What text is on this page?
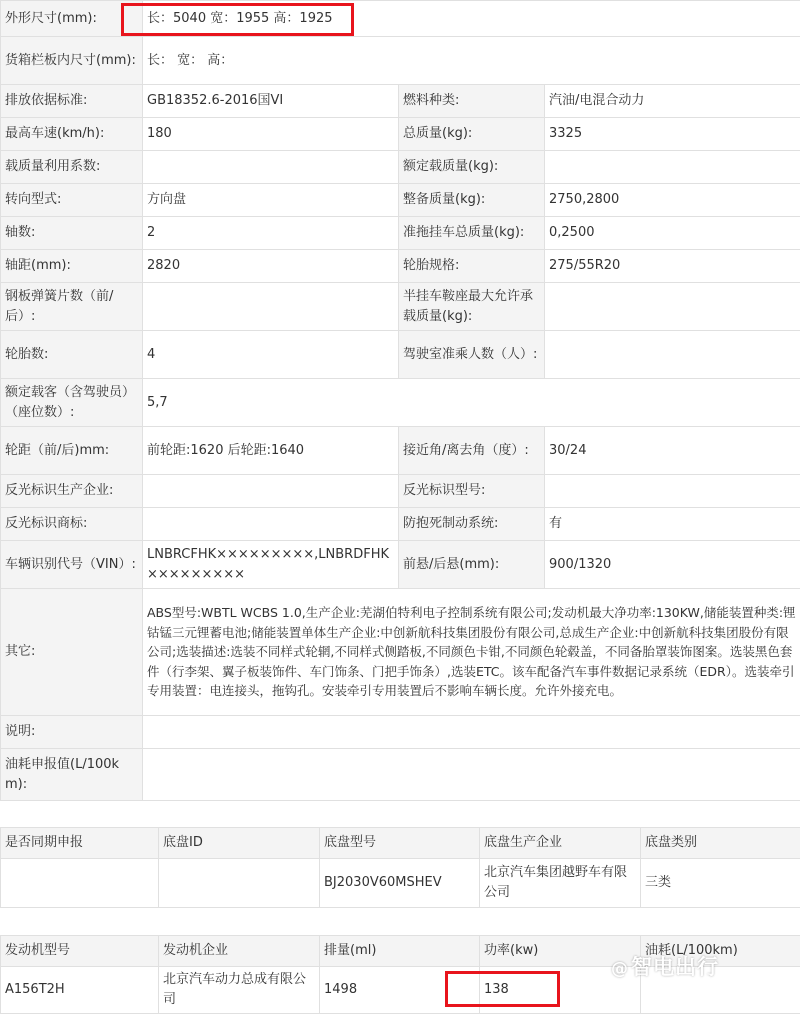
外形尺寸(mm):	长：5040 宽：1955 高：1925		
货箱栏板内尺寸(mm):	长： 宽： 高：		
排放依据标准:	GB18352.6-2016国VI	燃料种类:	汽油/电混合动力
最高车速(km/h):	180	总质量(kg):	3325
载质量利用系数:		额定载质量(kg):	
转向型式:	方向盘	整备质量(kg):	2750,2800
轴数:	2	准拖挂车总质量(kg):	0,2500
轴距(mm):	2820	轮胎规格:	275/55R20
钢板弹簧片数（前/后）:		半挂车鞍座最大允许承载质量(kg):	
轮胎数:	4	驾驶室准乘人数（人）:	
额定载客（含驾驶员）（座位数）:	5,7		
轮距（前/后)mm:	前轮距:1620 后轮距:1640	接近角/离去角（度）:	30/24
反光标识生产企业:		反光标识型号:	
反光标识商标:		防抱死制动系统:	有
车辆识别代号（VIN）:	LNBRCFHK×××××××××,LNBRDFHK×××××××××	前悬/后悬(mm):	900/1320
其它:	ABS型号:WBTL WCBS 1.0,生产企业:芜湖伯特利电子控制系统有限公司;发动机最大净功率:130KW,储能装置种类:锂钴锰三元锂蓄电池;储能装置单体生产企业:中创新航科技集团股份有限公司,总成生产企业:中创新航科技集团股份有限公司;选装描述:选装不同样式轮辋,不同样式侧踏板,不同颜色卡钳,不同颜色轮毂盖，不同备胎罩装饰图案。选装黑色套件（行李架、翼子板装饰件、车门饰条、门把手饰条）,选装ETC。该车配备汽车事件数据记录系统（EDR）。选装牵引专用装置：电连接头，拖钩孔。安装牵引专用装置后不影响车辆长度。允许外接充电。		
说明:			
油耗申报值(L/100km):			
是否同期申报	底盘ID	底盘型号	底盘生产企业	底盘类别
		BJ2030V60MSHEV	北京汽车集团越野车有限公司	三类
发动机型号	发动机企业	排量(ml)	功率(kw)	油耗(L/100km)
A156T2H	北京汽车动力总成有限公司	1498	138	
@智电出行
